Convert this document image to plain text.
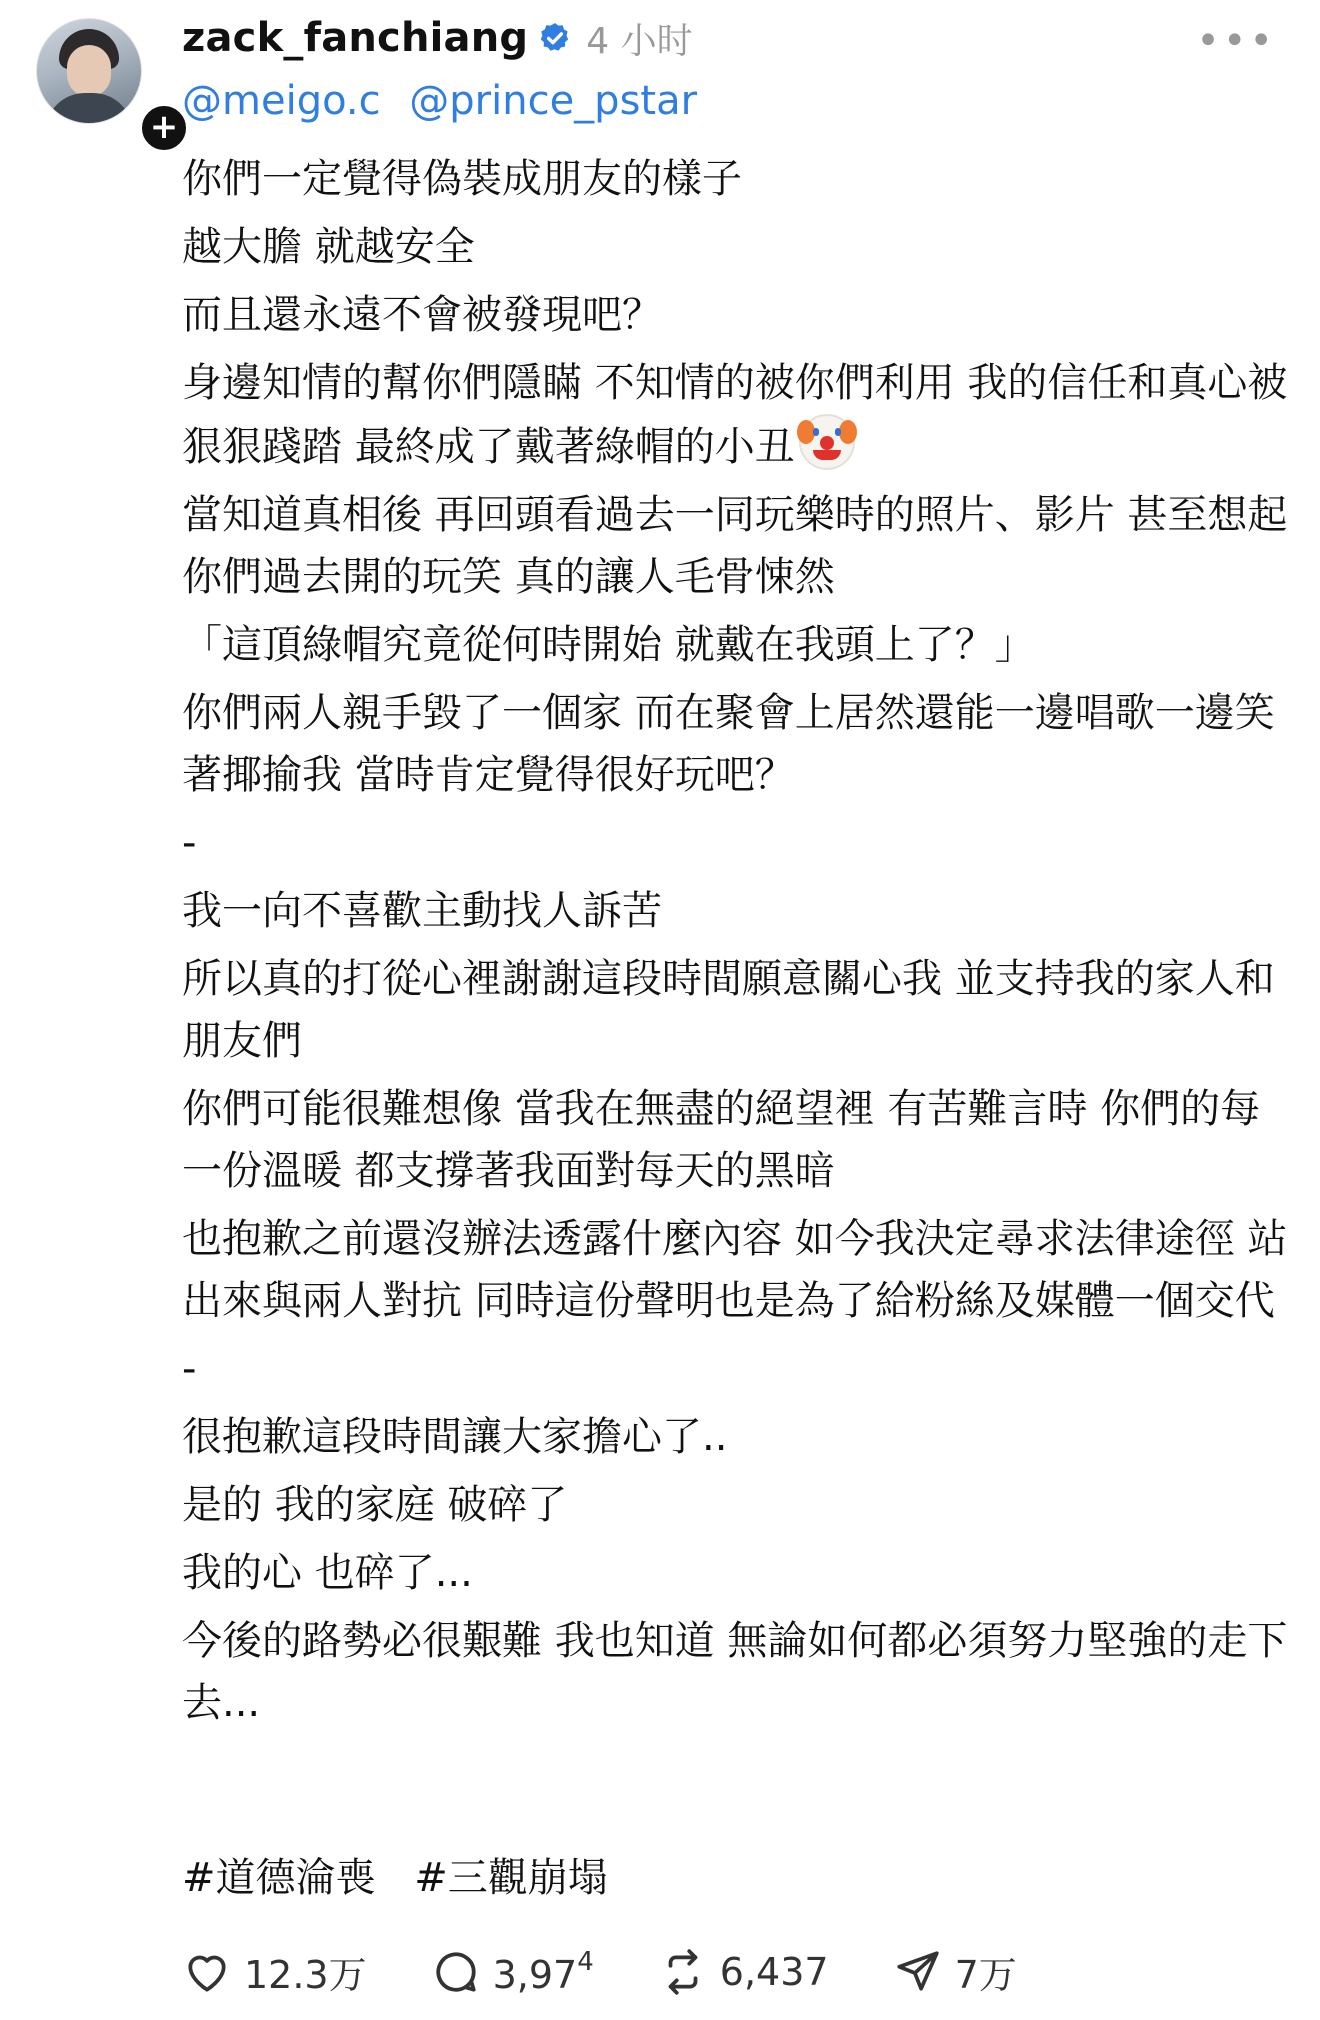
+
zack_fanchiang 4 小时	•••
@meigo.c @prince_pstar

你們一定覺得偽裝成朋友的樣子

越大膽 就越安全

而且還永遠不會被發現吧？

身邊知情的幫你們隱瞞 不知情的被你們利用 我的信任和真心被狠狠踐踏 最終成了戴著綠帽的小丑

當知道真相後 再回頭看過去一同玩樂時的照片、影片 甚至想起你們過去開的玩笑 真的讓人毛骨悚然

「這頂綠帽究竟從何時開始 就戴在我頭上了？」

你們兩人親手毀了一個家 而在聚會上居然還能一邊唱歌一邊笑著揶揄我 當時肯定覺得很好玩吧？

-

我一向不喜歡主動找人訴苦

所以真的打從心裡謝謝這段時間願意關心我 並支持我的家人和朋友們

你們可能很難想像 當我在無盡的絕望裡 有苦難言時 你們的每一份溫暖 都支撐著我面對每天的黑暗

也抱歉之前還沒辦法透露什麼內容 如今我決定尋求法律途徑 站出來與兩人對抗 同時這份聲明也是為了給粉絲及媒體一個交代

-

很抱歉這段時間讓大家擔心了..

是的 我的家庭 破碎了

我的心 也碎了...

今後的路勢必很艱難 我也知道 無論如何都必須努力堅強的走下去...

#道德淪喪 #三觀崩塌
12.3万	3,97$^4$	6,437	7万
